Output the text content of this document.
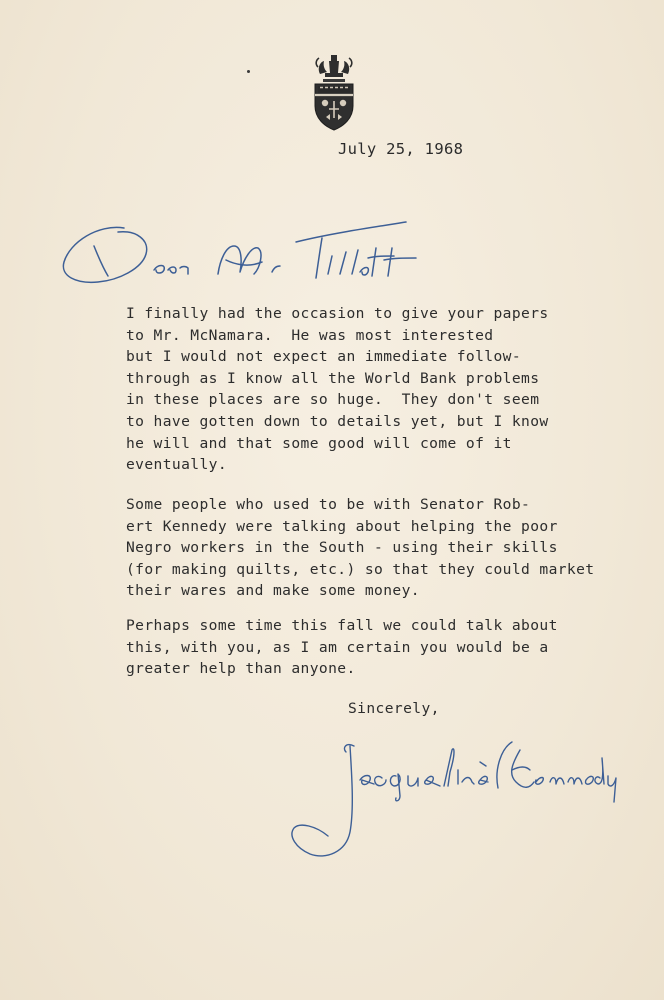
July 25, 1968

I finally had the occasion to give your papers
to Mr. McNamara.  He was most interested
but I would not expect an immediate follow-
through as I know all the World Bank problems
in these places are so huge.  They don't seem
to have gotten down to details yet, but I know
he will and that some good will come of it
eventually.

Some people who used to be with Senator Rob-
ert Kennedy were talking about helping the poor
Negro workers in the South - using their skills
(for making quilts, etc.) so that they could market
their wares and make some money.

Perhaps some time this fall we could talk about
this, with you, as I am certain you would be a
greater help than anyone.

Sincerely,
